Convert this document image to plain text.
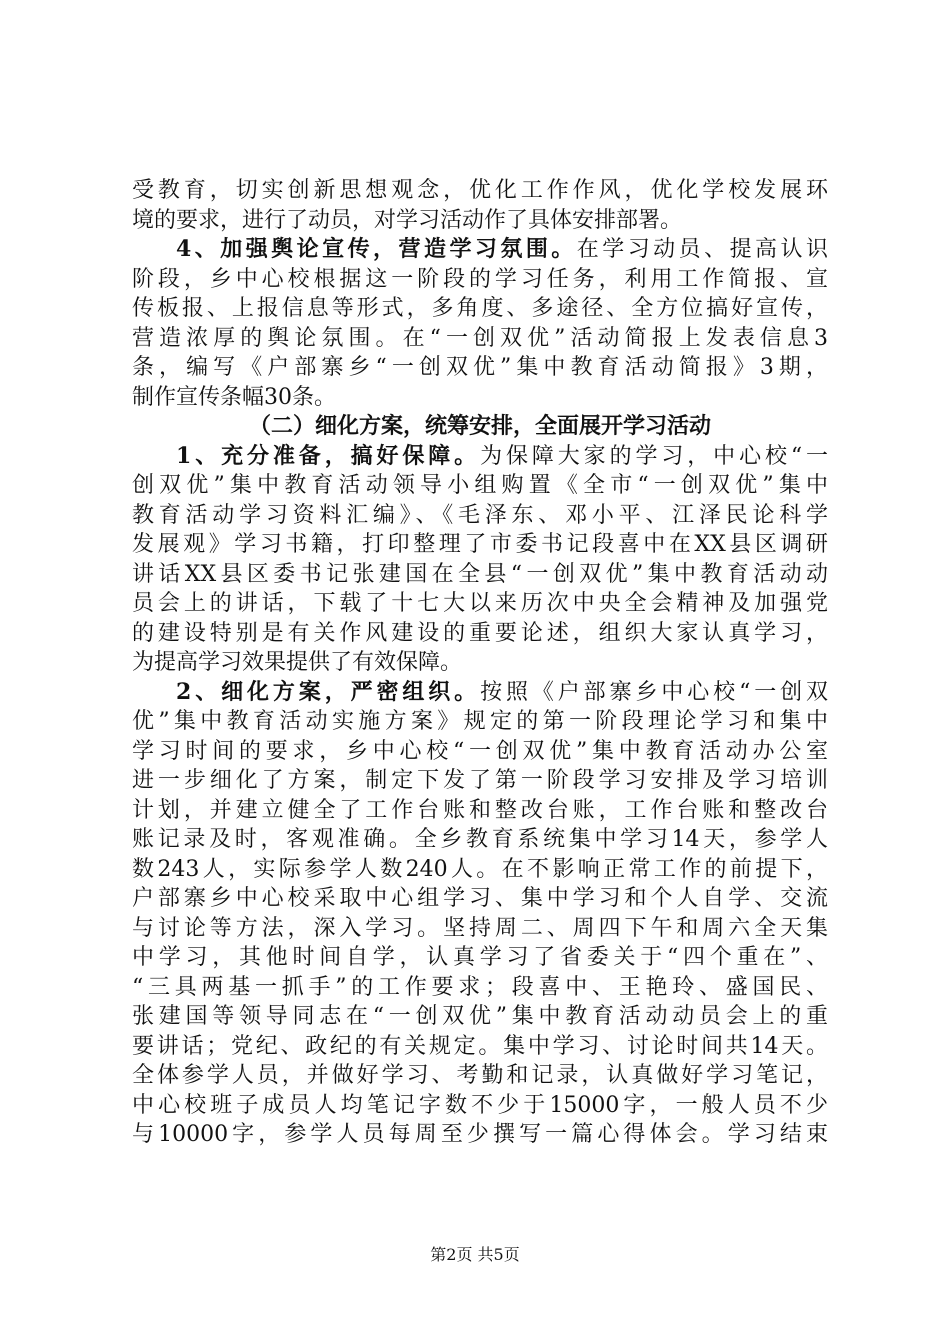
受教育，切实创新思想观念，优化工作作风，优化学校发展环
境的要求，进行了动员，对学习活动作了具体安排部署。
4、加强舆论宣传，营造学习氛围。在学习动员、提高认识
阶段，乡中心校根据这一阶段的学习任务，利用工作简报、宣
传板报、上报信息等形式，多角度、多途径、全方位搞好宣传，
营造浓厚的舆论氛围。在“一创双优”活动简报上发表信息3
条，编写《户部寨乡“一创双优”集中教育活动简报》3期，
制作宣传条幅30条。
（二）细化方案，统筹安排，全面展开学习活动
1、充分准备，搞好保障。为保障大家的学习，中心校“一
创双优”集中教育活动领导小组购置《全市“一创双优”集中
教育活动学习资料汇编》、《毛泽东、邓小平、江泽民论科学
发展观》学习书籍，打印整理了市委书记段喜中在XX县区调研
讲话XX县区委书记张建国在全县“一创双优”集中教育活动动
员会上的讲话，下载了十七大以来历次中央全会精神及加强党
的建设特别是有关作风建设的重要论述，组织大家认真学习，
为提高学习效果提供了有效保障。
2、细化方案，严密组织。按照《户部寨乡中心校“一创双
优”集中教育活动实施方案》规定的第一阶段理论学习和集中
学习时间的要求，乡中心校“一创双优”集中教育活动办公室
进一步细化了方案，制定下发了第一阶段学习安排及学习培训
计划，并建立健全了工作台账和整改台账，工作台账和整改台
账记录及时，客观准确。全乡教育系统集中学习14天，参学人
数243人，实际参学人数240人。在不影响正常工作的前提下，
户部寨乡中心校采取中心组学习、集中学习和个人自学、交流
与讨论等方法，深入学习。坚持周二、周四下午和周六全天集
中学习，其他时间自学，认真学习了省委关于“四个重在”、
“三具两基一抓手”的工作要求；段喜中、王艳玲、盛国民、
张建国等领导同志在“一创双优”集中教育活动动员会上的重
要讲话；党纪、政纪的有关规定。集中学习、讨论时间共14天。
全体参学人员，并做好学习、考勤和记录，认真做好学习笔记，
中心校班子成员人均笔记字数不少于15000字，一般人员不少
与10000字，参学人员每周至少撰写一篇心得体会。学习结束
第2页 共5页
